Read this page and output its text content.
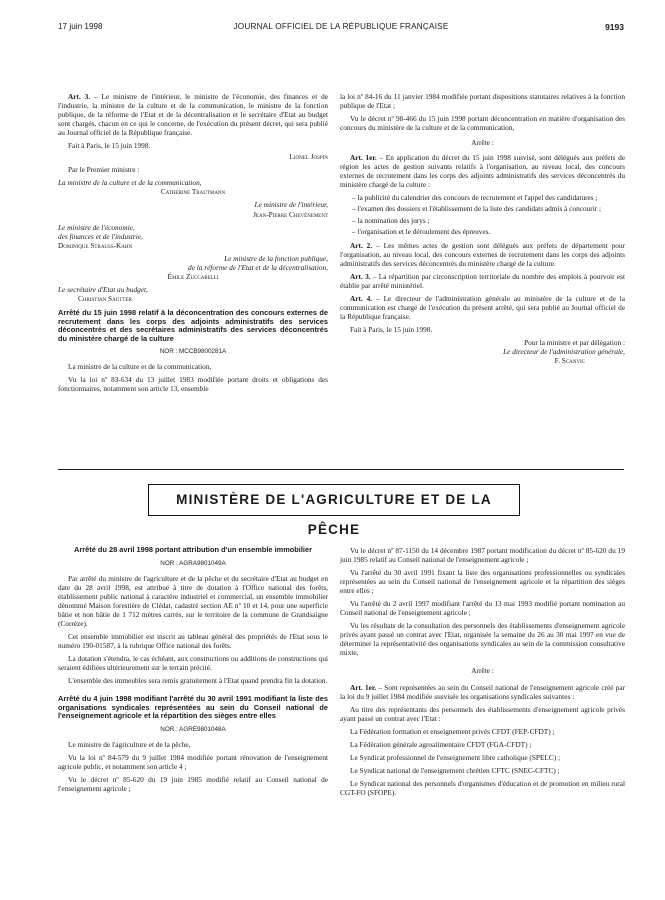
17 juin 1998	JOURNAL OFFICIEL DE LA RÉPUBLIQUE FRANÇAISE	9193

Art. 3. – Le ministre de l'intérieur, le ministre de l'économie, des finances et de l'industrie, la ministre de la culture et de la communication, le ministre de la fonction publique, de la réforme de l'Etat et de la décentralisation et le secrétaire d'Etat au budget sont chargés, chacun en ce qui le concerne, de l'exécution du présent décret, qui sera publié au Journal officiel de la République française.

Fait à Paris, le 15 juin 1998.

Lionel Jospin

Par le Premier ministre :

La ministre de la culture et de la communication,

Catherine Trautmann

Le ministre de l'intérieur,

Jean-Pierre Chevènement

Le ministre de l'économie,

des finances et de l'industrie,

Dominique Strauss-Kahn

Le ministre de la fonction publique,

de la réforme de l'Etat et de la décentralisation,

Émile Zuccarelli

Le secrétaire d'Etat au budget,

Christian Sautter

Arrêté du 15 juin 1998 relatif à la déconcentration des concours externes de recrutement dans les corps des adjoints administratifs des services déconcentrés et des secrétaires administratifs des services déconcentrés du ministère chargé de la culture
NOR : MCCB9800281A

La ministre de la culture et de la communication,

Vu la loi nº 83-634 du 13 juillet 1983 modifiée portant droits et obligations des fonctionnaires, notamment son article 13, ensemble

la loi nº 84-16 du 11 janvier 1984 modifiée portant dispositions statutaires relatives à la fonction publique de l'Etat ;

Vu le décret nº 98-466 du 15 juin 1998 portant déconcentration en matière d'organisation des concours du ministère de la culture et de la communication,

Arrête :

Art. 1er. – En application du décret du 15 juin 1998 susvisé, sont délégués aux préfets de région les actes de gestion suivants relatifs à l'organisation, au niveau local, des concours externes de recrutement dans les corps des adjoints administratifs des services déconcentrés du ministère chargé de la culture :

– la publicité du calendrier des concours de recrutement et l'appel des candidatures ;

– l'examen des dossiers et l'établissement de la liste des candidats admis à concourir ;

– la nomination des jurys ;

– l'organisation et le déroulement des épreuves.

Art. 2. – Les mêmes actes de gestion sont délégués aux préfets de département pour l'organisation, au niveau local, des concours externes de recrutement dans les corps des adjoints administratifs des services déconcentrés du ministère chargé de la culture.

Art. 3. – La répartition par circonscription territoriale du nombre des emplois à pourvoir est établie par arrêté ministériel.

Art. 4. – Le directeur de l'administration générale au ministère de la culture et de la communication est chargé de l'exécution du présent arrêté, qui sera publié au Journal officiel de la République française.

Fait à Paris, le 15 juin 1998.

Pour la ministre et par délégation :

Le directeur de l'administration générale,

F. Scanvic

MINISTÈRE DE L'AGRICULTURE ET DE LA PÊCHE
Arrêté du 28 avril 1998 portant attribution d'un ensemble immobilier
NOR : AGRA9801049A

Par arrêté du ministre de l'agriculture et de la pêche et du secrétaire d'Etat au budget en date du 28 avril 1998, est attribué à titre de dotation à l'Office national des forêts, établissement public national à caractère industriel et commercial, un ensemble immobilier dénommé Maison forestière de Clédat, cadastré section AE nº 10 et 14, pour une superficie bâtie et non bâtie de 1 712 mètres carrés, sur le territoire de la commune de Grandsaigne (Corrèze).

Cet ensemble immobilier est inscrit au tableau général des propriétés de l'Etat sous le numéro 190-01587, à la rubrique Office national des forêts.

La dotation s'étendra, le cas échéant, aux constructions ou additions de constructions qui seraient édifiées ultérieurement sur le terrain précité.

L'ensemble des immeubles sera remis gratuitement à l'Etat quand prendra fin la dotation.

Arrêté du 4 juin 1998 modifiant l'arrêté du 30 avril 1991 modifiant la liste des organisations syndicales représentées au sein du Conseil national de l'enseignement agricole et la répartition des sièges entre elles
NOR : AGRE9801048A

Le ministre de l'agriculture et de la pêche,

Vu la loi nº 84-579 du 9 juillet 1984 modifiée portant rénovation de l'enseignement agricole public, et notamment son article 4 ;

Vu le décret nº 85-620 du 19 juin 1985 modifié relatif au Conseil national de l'enseignement agricole ;

Vu le décret nº 87-1150 du 14 décembre 1987 portant modification du décret nº 85-620 du 19 juin 1985 relatif au Conseil national de l'enseignement agricole ;

Vu l'arrêté du 30 avril 1991 fixant la liste des organisations professionnelles ou syndicales représentées au sein du Conseil national de l'enseignement agricole et la répartition des sièges entre elles ;

Vu l'arrêté du 2 avril 1997 modifiant l'arrêté du 13 mai 1993 modifié portant nomination au Conseil national de l'enseignement agricole ;

Vu les résultats de la consultation des personnels des établissements d'enseignement agricole privés ayant passé un contrat avec l'Etat, organisée la semaine du 26 au 30 mai 1997 en vue de déterminer la représentativité des organisations syndicales au sein de la commission consultative mixte,

Arrête :

Art. 1er. – Sont représentées au sein du Conseil national de l'enseignement agricole créé par la loi du 9 juillet 1984 modifiée susvisée les organisations syndicales suivantes :

Au titre des représentants des personnels des établissements d'enseignement agricole privés ayant passé un contrat avec l'Etat :

La Fédération formation et enseignement privés CFDT (FEP-CFDT) ;

La Fédération générale agroalimentaire CFDT (FGA-CFDT) ;

Le Syndicat professionnel de l'enseignement libre catholique (SPELC) ;

Le Syndicat national de l'enseignement chrétien CFTC (SNEC-CFTC) ;

Le Syndicat national des personnels d'organismes d'éducation et de promotion en milieu rural CGT-FO (SFOPE).
